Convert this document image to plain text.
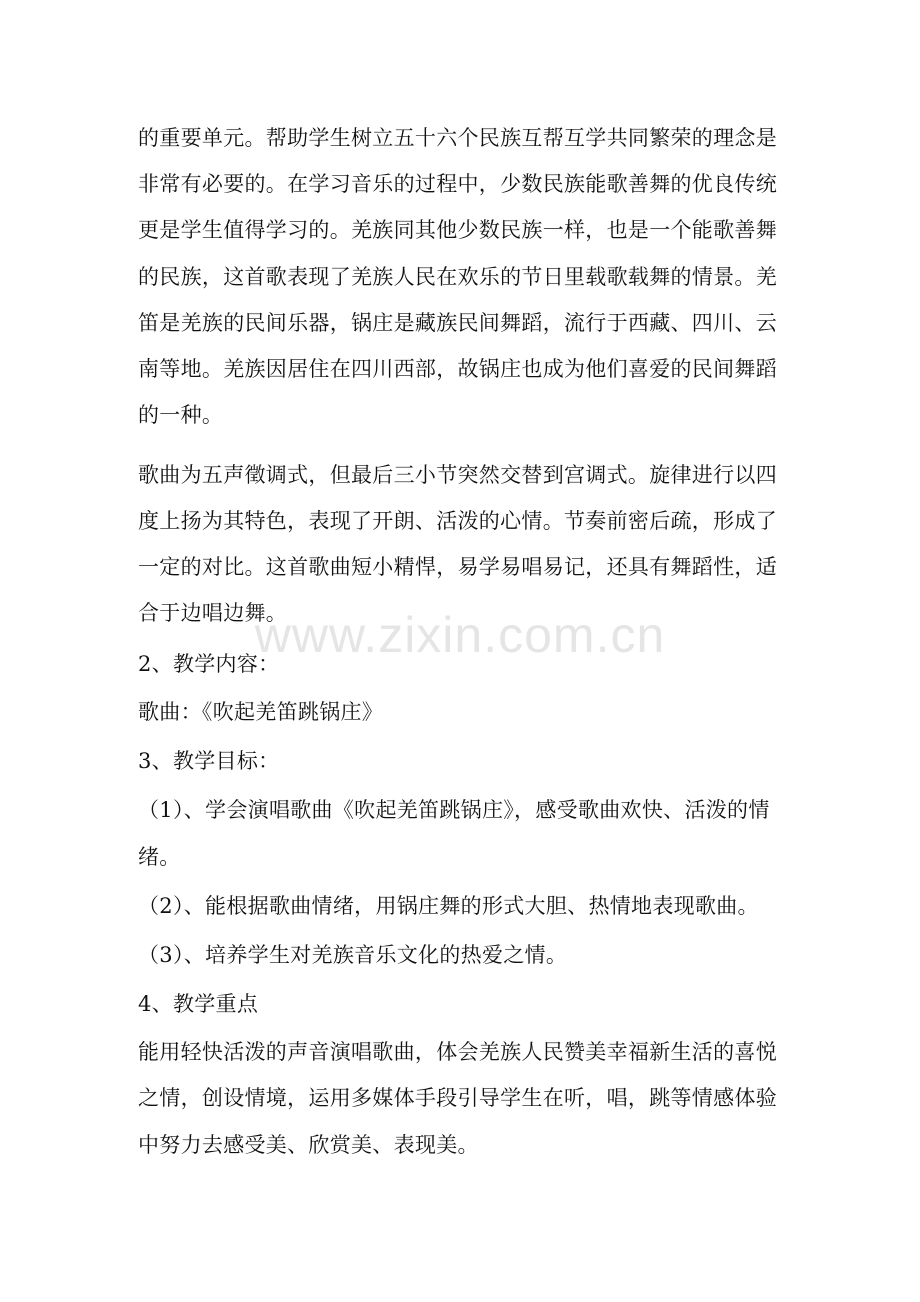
的重要单元。帮助学生树立五十六个民族互帮互学共同繁荣的理念是
非常有必要的。在学习音乐的过程中，少数民族能歌善舞的优良传统
更是学生值得学习的。羌族同其他少数民族一样，也是一个能歌善舞
的民族，这首歌表现了羌族人民在欢乐的节日里载歌载舞的情景。羌
笛是羌族的民间乐器，锅庄是藏族民间舞蹈，流行于西藏、四川、云
南等地。羌族因居住在四川西部，故锅庄也成为他们喜爱的民间舞蹈
的一种。
歌曲为五声徵调式，但最后三小节突然交替到宫调式。旋律进行以四
度上扬为其特色，表现了开朗、活泼的心情。节奏前密后疏，形成了
一定的对比。这首歌曲短小精悍，易学易唱易记，还具有舞蹈性，适
合于边唱边舞。
2、教学内容：
歌曲：《吹起羌笛跳锅庄》
3、教学目标：
（1）、学会演唱歌曲《吹起羌笛跳锅庄》，感受歌曲欢快、活泼的情
绪。
（2）、能根据歌曲情绪，用锅庄舞的形式大胆、热情地表现歌曲。
（3）、培养学生对羌族音乐文化的热爱之情。
4、教学重点
能用轻快活泼的声音演唱歌曲，体会羌族人民赞美幸福新生活的喜悦
之情，创设情境，运用多媒体手段引导学生在听，唱，跳等情感体验
中努力去感受美、欣赏美、表现美。
www.zixin.com.cn
